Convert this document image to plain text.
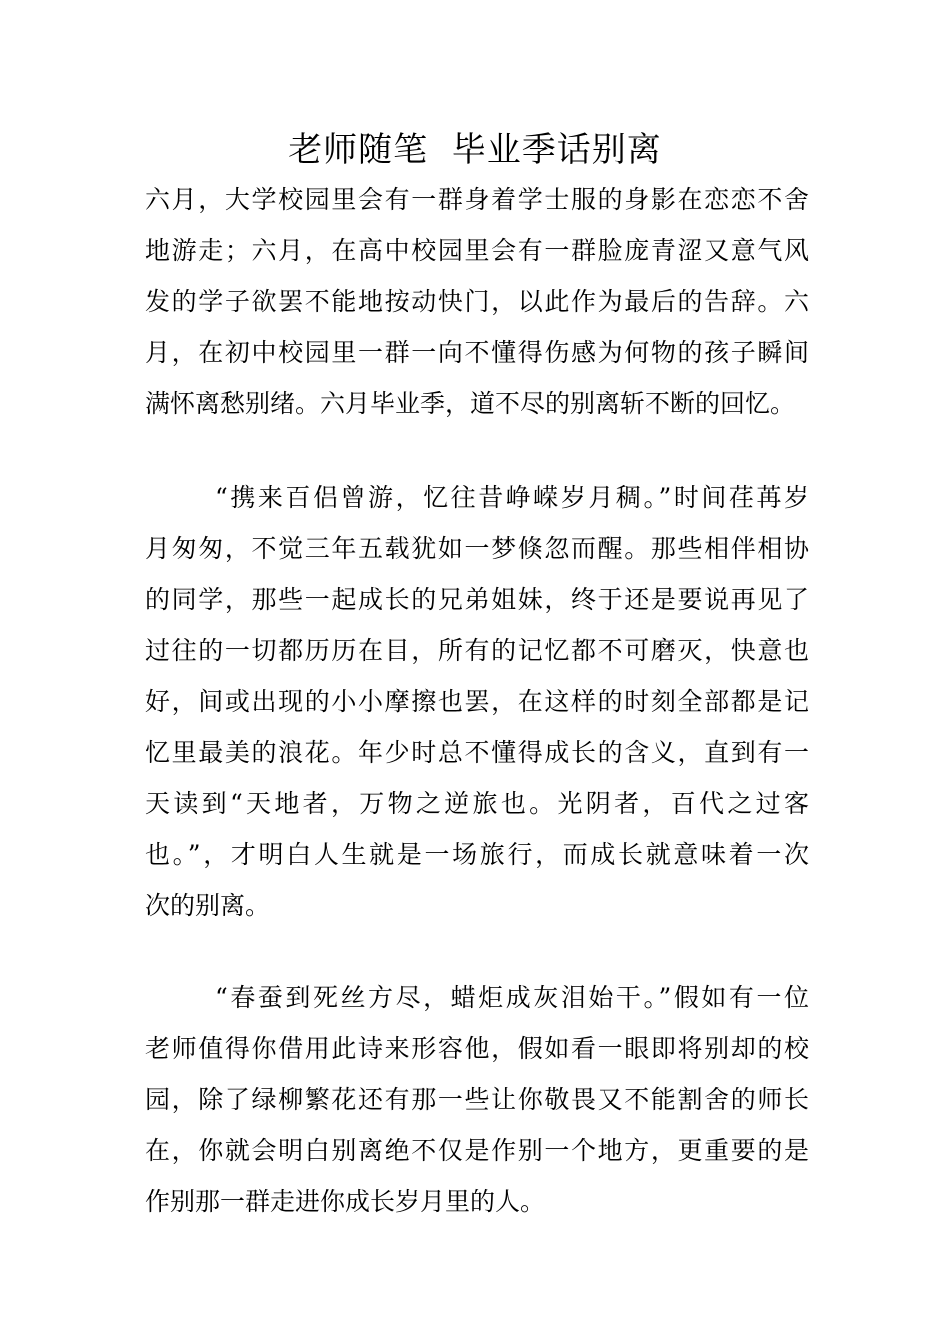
老师随笔  毕业季话别离
六月，大学校园里会有一群身着学士服的身影在恋恋不舍
地游走；六月，在高中校园里会有一群脸庞青涩又意气风
发的学子欲罢不能地按动快门，以此作为最后的告辞。六
月，在初中校园里一群一向不懂得伤感为何物的孩子瞬间
满怀离愁别绪。六月毕业季，道不尽的别离斩不断的回忆。
“携来百侣曾游，忆往昔峥嵘岁月稠。”时间荏苒岁
月匆匆，不觉三年五载犹如一梦倏忽而醒。那些相伴相协
的同学，那些一起成长的兄弟姐妹，终于还是要说再见了
过往的一切都历历在目，所有的记忆都不可磨灭，快意也
好，间或出现的小小摩擦也罢，在这样的时刻全部都是记
忆里最美的浪花。年少时总不懂得成长的含义，直到有一
天读到“天地者，万物之逆旅也。光阴者，百代之过客
也。”，才明白人生就是一场旅行，而成长就意味着一次
次的别离。
“春蚕到死丝方尽，蜡炬成灰泪始干。”假如有一位
老师值得你借用此诗来形容他，假如看一眼即将别却的校
园，除了绿柳繁花还有那一些让你敬畏又不能割舍的师长
在，你就会明白别离绝不仅是作别一个地方，更重要的是
作别那一群走进你成长岁月里的人。
